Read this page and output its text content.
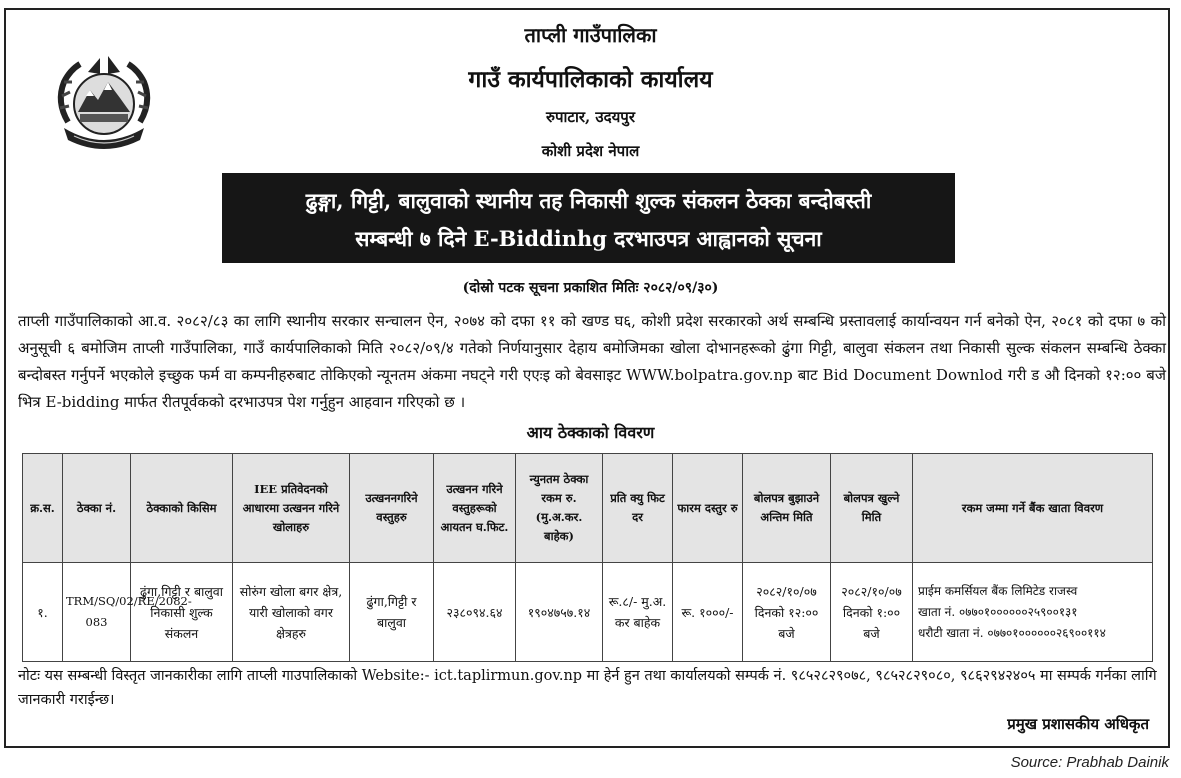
ताप्ली गाउँपालिका
गाउँ कार्यपालिकाको कार्यालय
रुपाटार, उदयपुर
कोशी प्रदेश नेपाल
ढुङ्गा, गिट्टी, बालुवाको स्थानीय तह निकासी शुल्क संकलन ठेक्का बन्दोबस्ती
सम्बन्धी ७ दिने E-Biddinhg दरभाउपत्र आह्वानको सूचना
(दोस्रो पटक सूचना प्रकाशित मितिः २०८२/०९/३०)
ताप्ली गाउँपालिकाको आ.व. २०८२/८३ का लागि स्थानीय सरकार सन्चालन ऐन, २०७४ को दफा ११ को खण्ड घ६, कोशी प्रदेश सरकारको अर्थ सम्बन्धि प्रस्तावलाई कार्यान्वयन गर्न बनेको ऐन, २०८१ को दफा ७ को अनुसूची ६ बमोजिम ताप्ली गाउँपालिका, गाउँ कार्यपालिकाको मिति २०८२/०९/४ गतेको निर्णयानुसार देहाय बमोजिमका खोला दोभानहरूको ढुंगा गिट्टी, बालुवा संकलन तथा निकासी सुल्क संकलन सम्बन्धि ठेक्का बन्दोबस्त गर्नुपर्ने भएकोले इच्छुक फर्म वा कम्पनीहरुबाट तोकिएको न्यूनतम अंकमा नघट्ने गरी एएःइ को बेवसाइट WWW.bolpatra.gov.np बाट Bid Document Downlod गरी ड औ दिनको १२:०० बजे भित्र E-bidding मार्फत रीतपूर्वकको दरभाउपत्र पेश गर्नुहुन आहवान गरिएको छ ।
आय ठेक्काको विवरण
क्र.स.	ठेक्का नं.	ठेक्काको किसिम	IEE प्रतिवेदनको आधारमा उत्खनन गरिने खोलाहरु	उत्खननगरिने वस्तुहरु	उत्खनन गरिने वस्तुहरूको आयतन घ.फिट.	न्युनतम ठेक्का रकम रु. (मु.अ.कर. बाहेक)	प्रति क्यु फिट दर	फारम दस्तुर रु	बोलपत्र बुझाउने अन्तिम मिति	बोलपत्र खुल्ने मिति	रकम जम्मा गर्ने बैंक खाता विवरण
१.	TRM/SQ/02/RE/2082-083	ढुंगा,गिट्टी र बालुवा निकासी शुल्क संकलन	सोरुंग खोला बगर क्षेत्र, यारी खोलाको वगर क्षेत्रहरु	ढुंगा,गिट्टी र बालुवा	२३८०९४.६४	१९०४७५७.१४	रू.८/- मु.अ. कर बाहेक	रू. १०००/-	२०८२/१०/०७ दिनको १२:०० बजे	२०८२/१०/०७ दिनको १:०० बजे	प्राईम कमर्सियल बैंक लिमिटेड राजस्व
खाता नं. ०७७०१००००००२५९००१३१
धरौटी खाता नं. ०७७०१००००००२६९००११४
नोटः यस सम्बन्धी विस्तृत जानकारीका लागि ताप्ली गाउपालिकाको Website:- ict.taplirmun.gov.np मा हेर्न हुन तथा कार्यालयको सम्पर्क नं. ९८५२८२९०७८, ९८५२८२९०८०, ९८६२९४२४०५ मा सम्पर्क गर्नका लागि जानकारी गराईन्छ।
प्रमुख प्रशासकीय अधिकृत
Source: Prabhab Dainik
